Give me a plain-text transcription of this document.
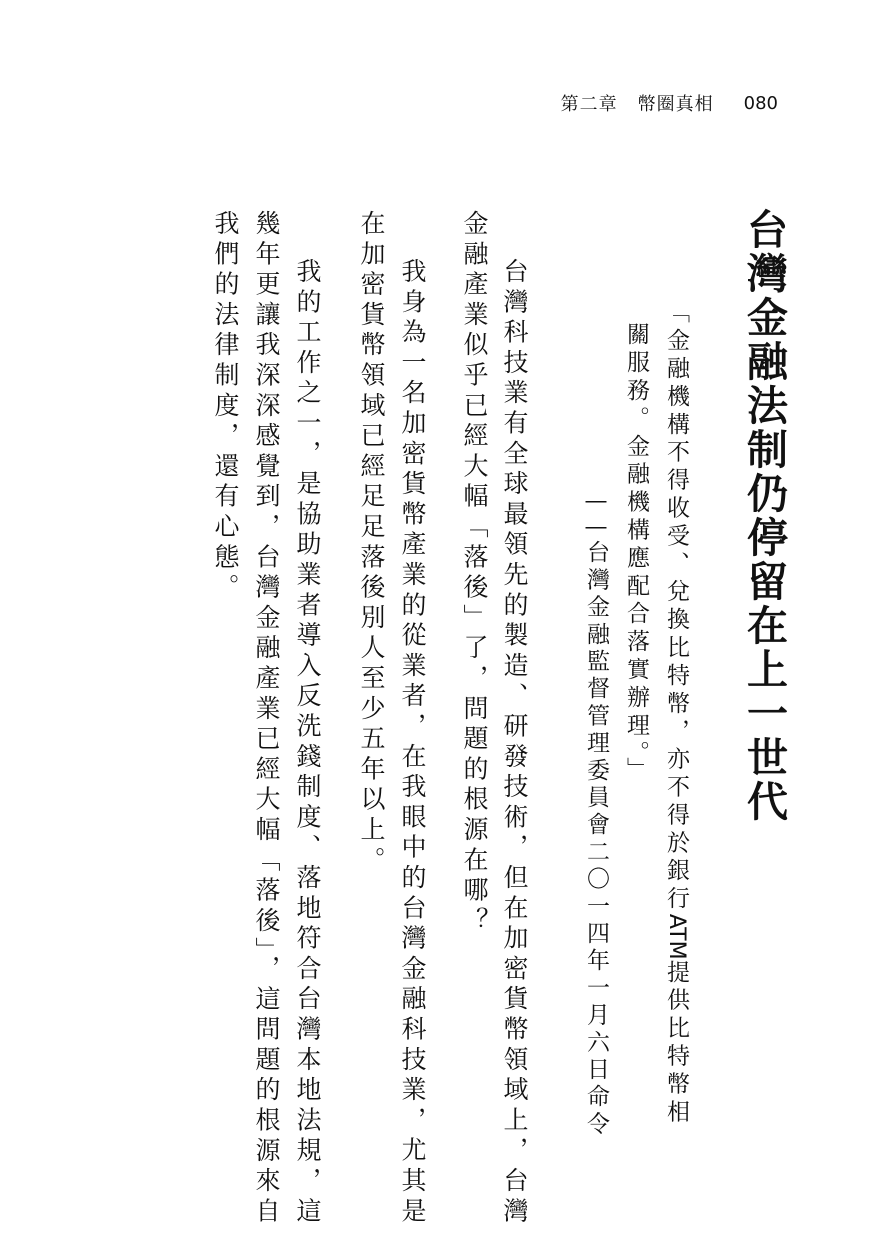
第二章 幣圈真相 080
台灣金融法制仍停留在上一世代
「金融機構不得收受、兌換比特幣，亦不得於銀行ATM提供比特幣相
關服務。金融機構應配合落實辦理。」
——台灣金融監督管理委員會二〇一四年一月六日命令

台灣科技業有全球最領先的製造、研發技術，但在加密貨幣領域上，台灣

金融產業似乎已經大幅「落後」了，問題的根源在哪？

我身為一名加密貨幣產業的從業者，在我眼中的台灣金融科技業，尤其是

在加密貨幣領域已經足足落後別人至少五年以上。

我的工作之一，是協助業者導入反洗錢制度、落地符合台灣本地法規，這

幾年更讓我深深感覺到，台灣金融產業已經大幅「落後」，這問題的根源來自

我們的法律制度，還有心態。
